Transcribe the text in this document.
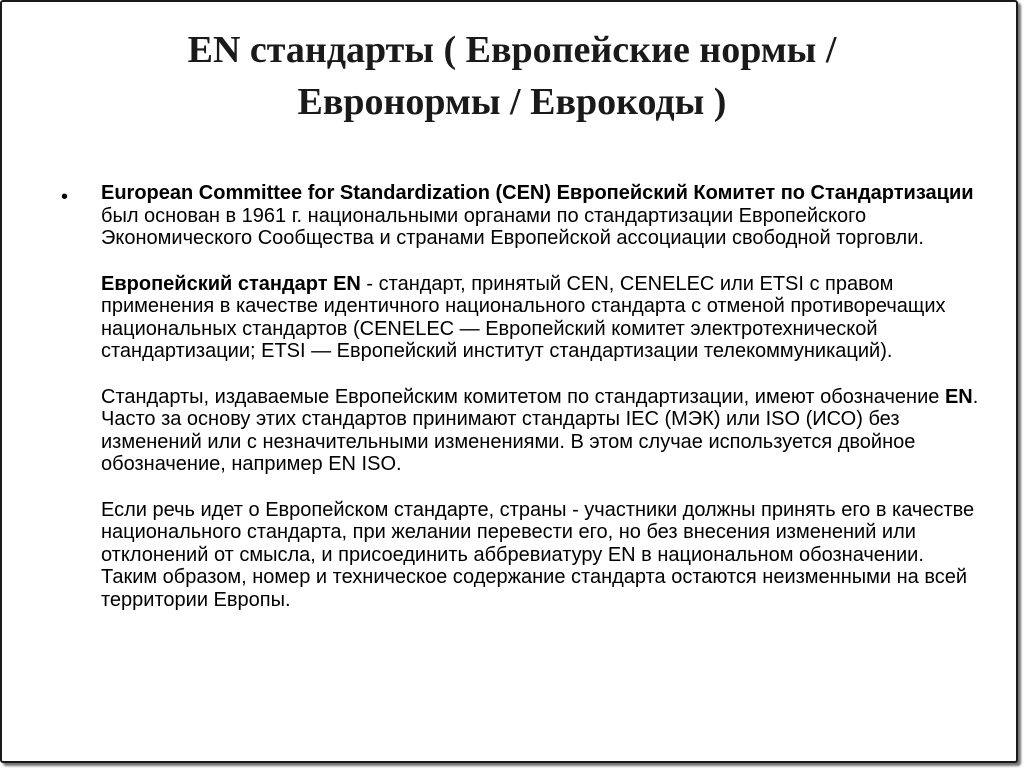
EN стандарты ( Европейские нормы /
Евронормы / Еврокоды )
• European Committee for Standardization (CEN) Европейский Комитет по Стандартизации был основан в 1961 г. национальными органами по стандартизации Европейского Экономического Сообщества и странами Европейской ассоциации свободной торговли.

Европейский стандарт EN - стандарт, принятый CEN, CENELEC или ETSI с правом применения в качестве идентичного национального стандарта с отменой противоречащих национальных стандартов (CENELEC — Европейский комитет электротехнической стандартизации; ETSI — Европейский институт стандартизации телекоммуникаций).

Стандарты, издаваемые Европейским комитетом по стандартизации, имеют обозначение EN. Часто за основу этих стандартов принимают стандарты IEC (МЭК) или ISO (ИСО) без изменений или с незначительными изменениями. В этом случае используется двойное обозначение, например EN ISO.

Если речь идет о Европейском стандарте, страны - участники должны принять его в качестве национального стандарта, при желании перевести его, но без внесения изменений или отклонений от смысла, и присоединить аббревиатуру EN в национальном обозначении. Таким образом, номер и техническое содержание стандарта остаются неизменными на всей территории Европы.
